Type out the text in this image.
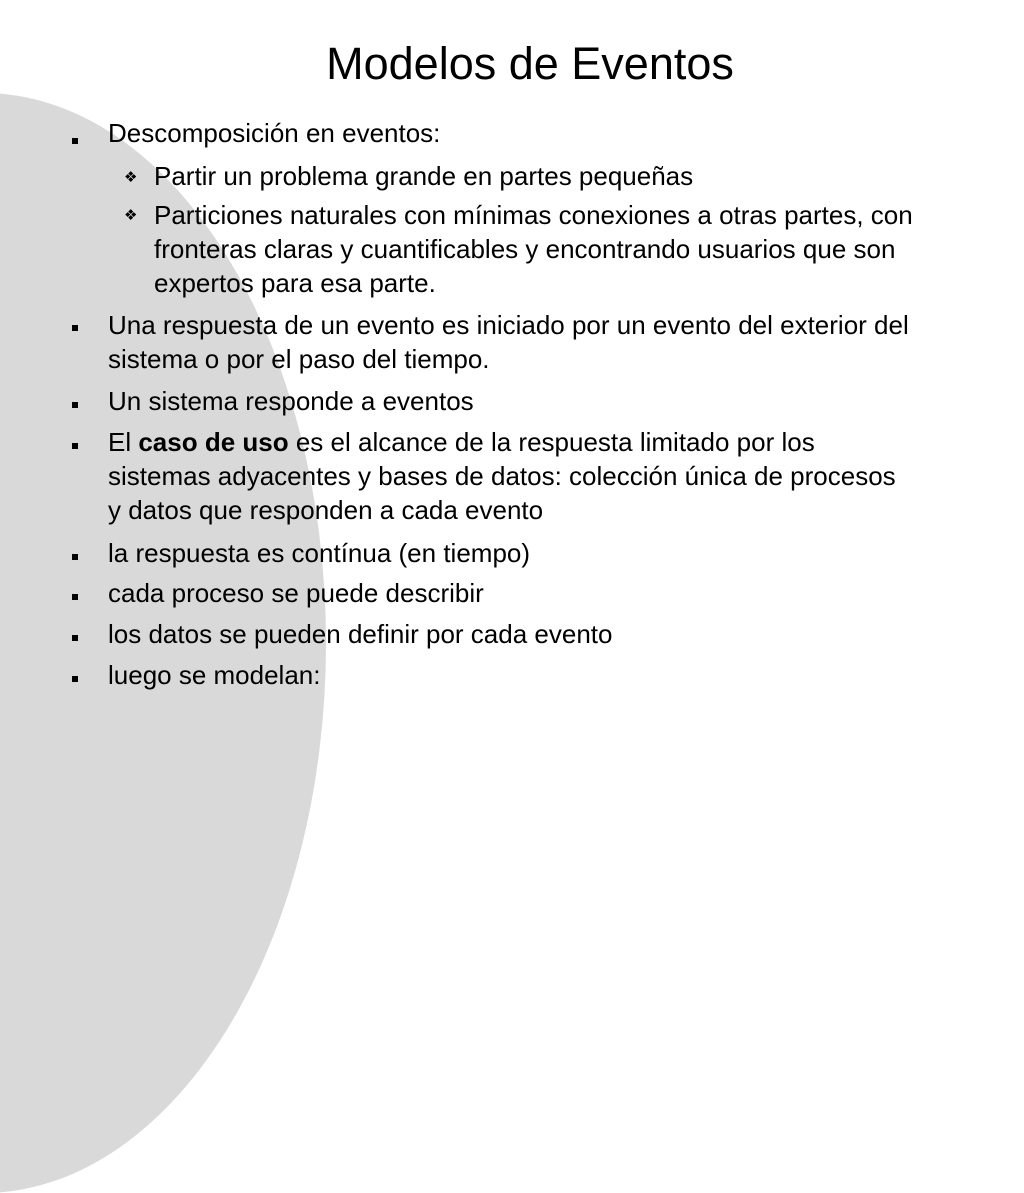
Modelos de Eventos
Descomposición en eventos:
❖ Partir un problema grande en partes pequeñas
❖ Particiones naturales con mínimas conexiones a otras partes, con
fronteras claras y cuantificables y encontrando usuarios que son
expertos para esa parte.
Una respuesta de un evento es iniciado por un evento del exterior del
sistema o por el paso del tiempo.
Un sistema responde a eventos
El caso de uso es el alcance de la respuesta limitado por los
sistemas adyacentes y bases de datos: colección única de procesos
y datos que responden a cada evento
la respuesta es contínua (en tiempo)
cada proceso se puede describir
los datos se pueden definir por cada evento
luego se modelan:
